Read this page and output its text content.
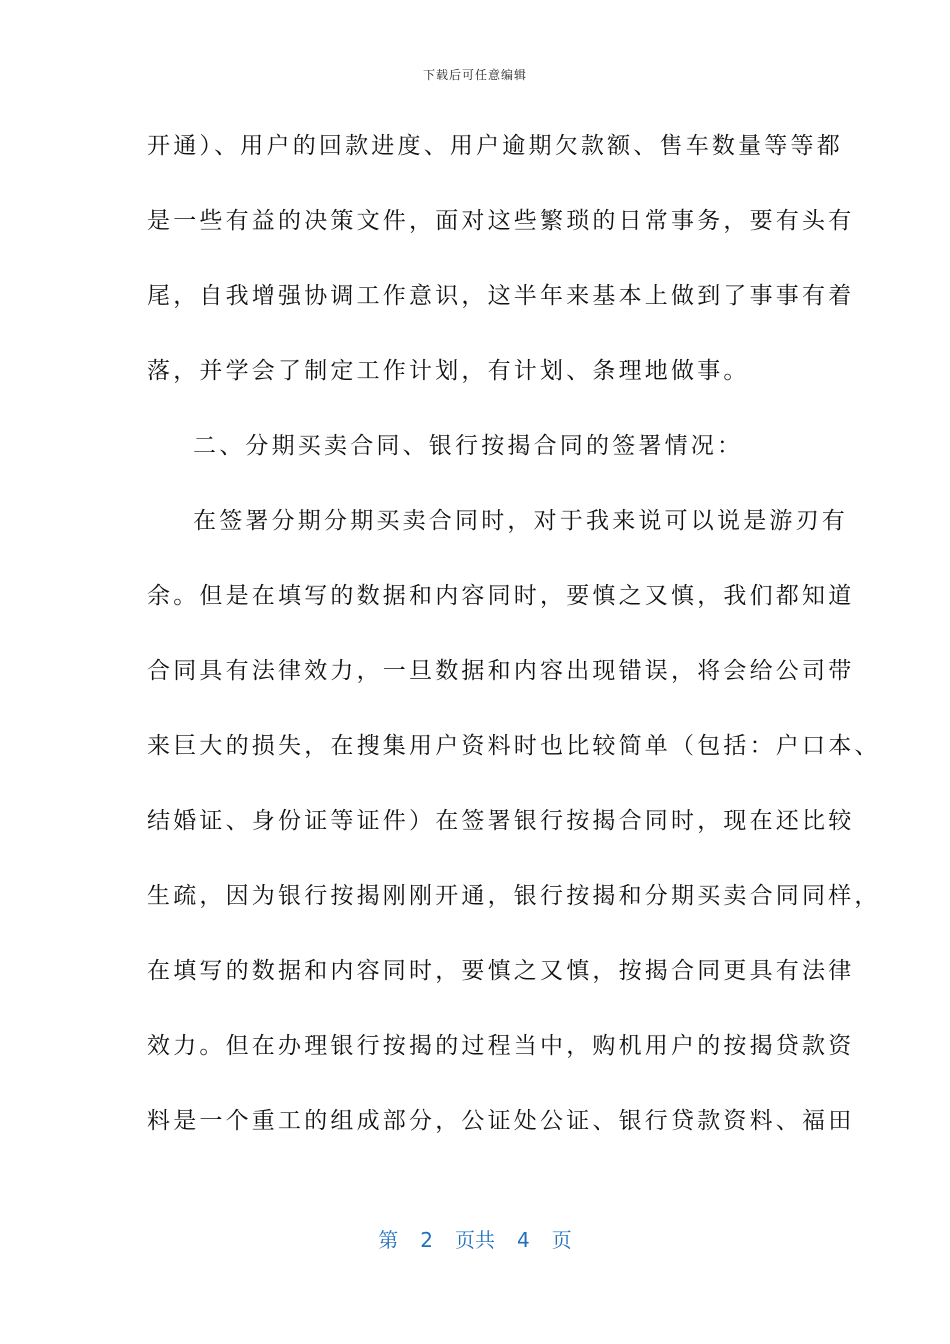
下载后可任意编辑
开通）、用户的回款进度、用户逾期欠款额、售车数量等等都
是一些有益的决策文件，面对这些繁琐的日常事务，要有头有
尾，自我增强协调工作意识，这半年来基本上做到了事事有着
落，并学会了制定工作计划，有计划、条理地做事。
二、分期买卖合同、银行按揭合同的签署情况：
在签署分期分期买卖合同时，对于我来说可以说是游刃有
余。但是在填写的数据和内容同时，要慎之又慎，我们都知道
合同具有法律效力，一旦数据和内容出现错误，将会给公司带
来巨大的损失，在搜集用户资料时也比较简单（包括：户口本、
结婚证、身份证等证件）在签署银行按揭合同时，现在还比较
生疏，因为银行按揭刚刚开通，银行按揭和分期买卖合同同样，
在填写的数据和内容同时，要慎之又慎，按揭合同更具有法律
效力。但在办理银行按揭的过程当中，购机用户的按揭贷款资
料是一个重工的组成部分，公证处公证、银行贷款资料、福田
第 2 页共 4 页
